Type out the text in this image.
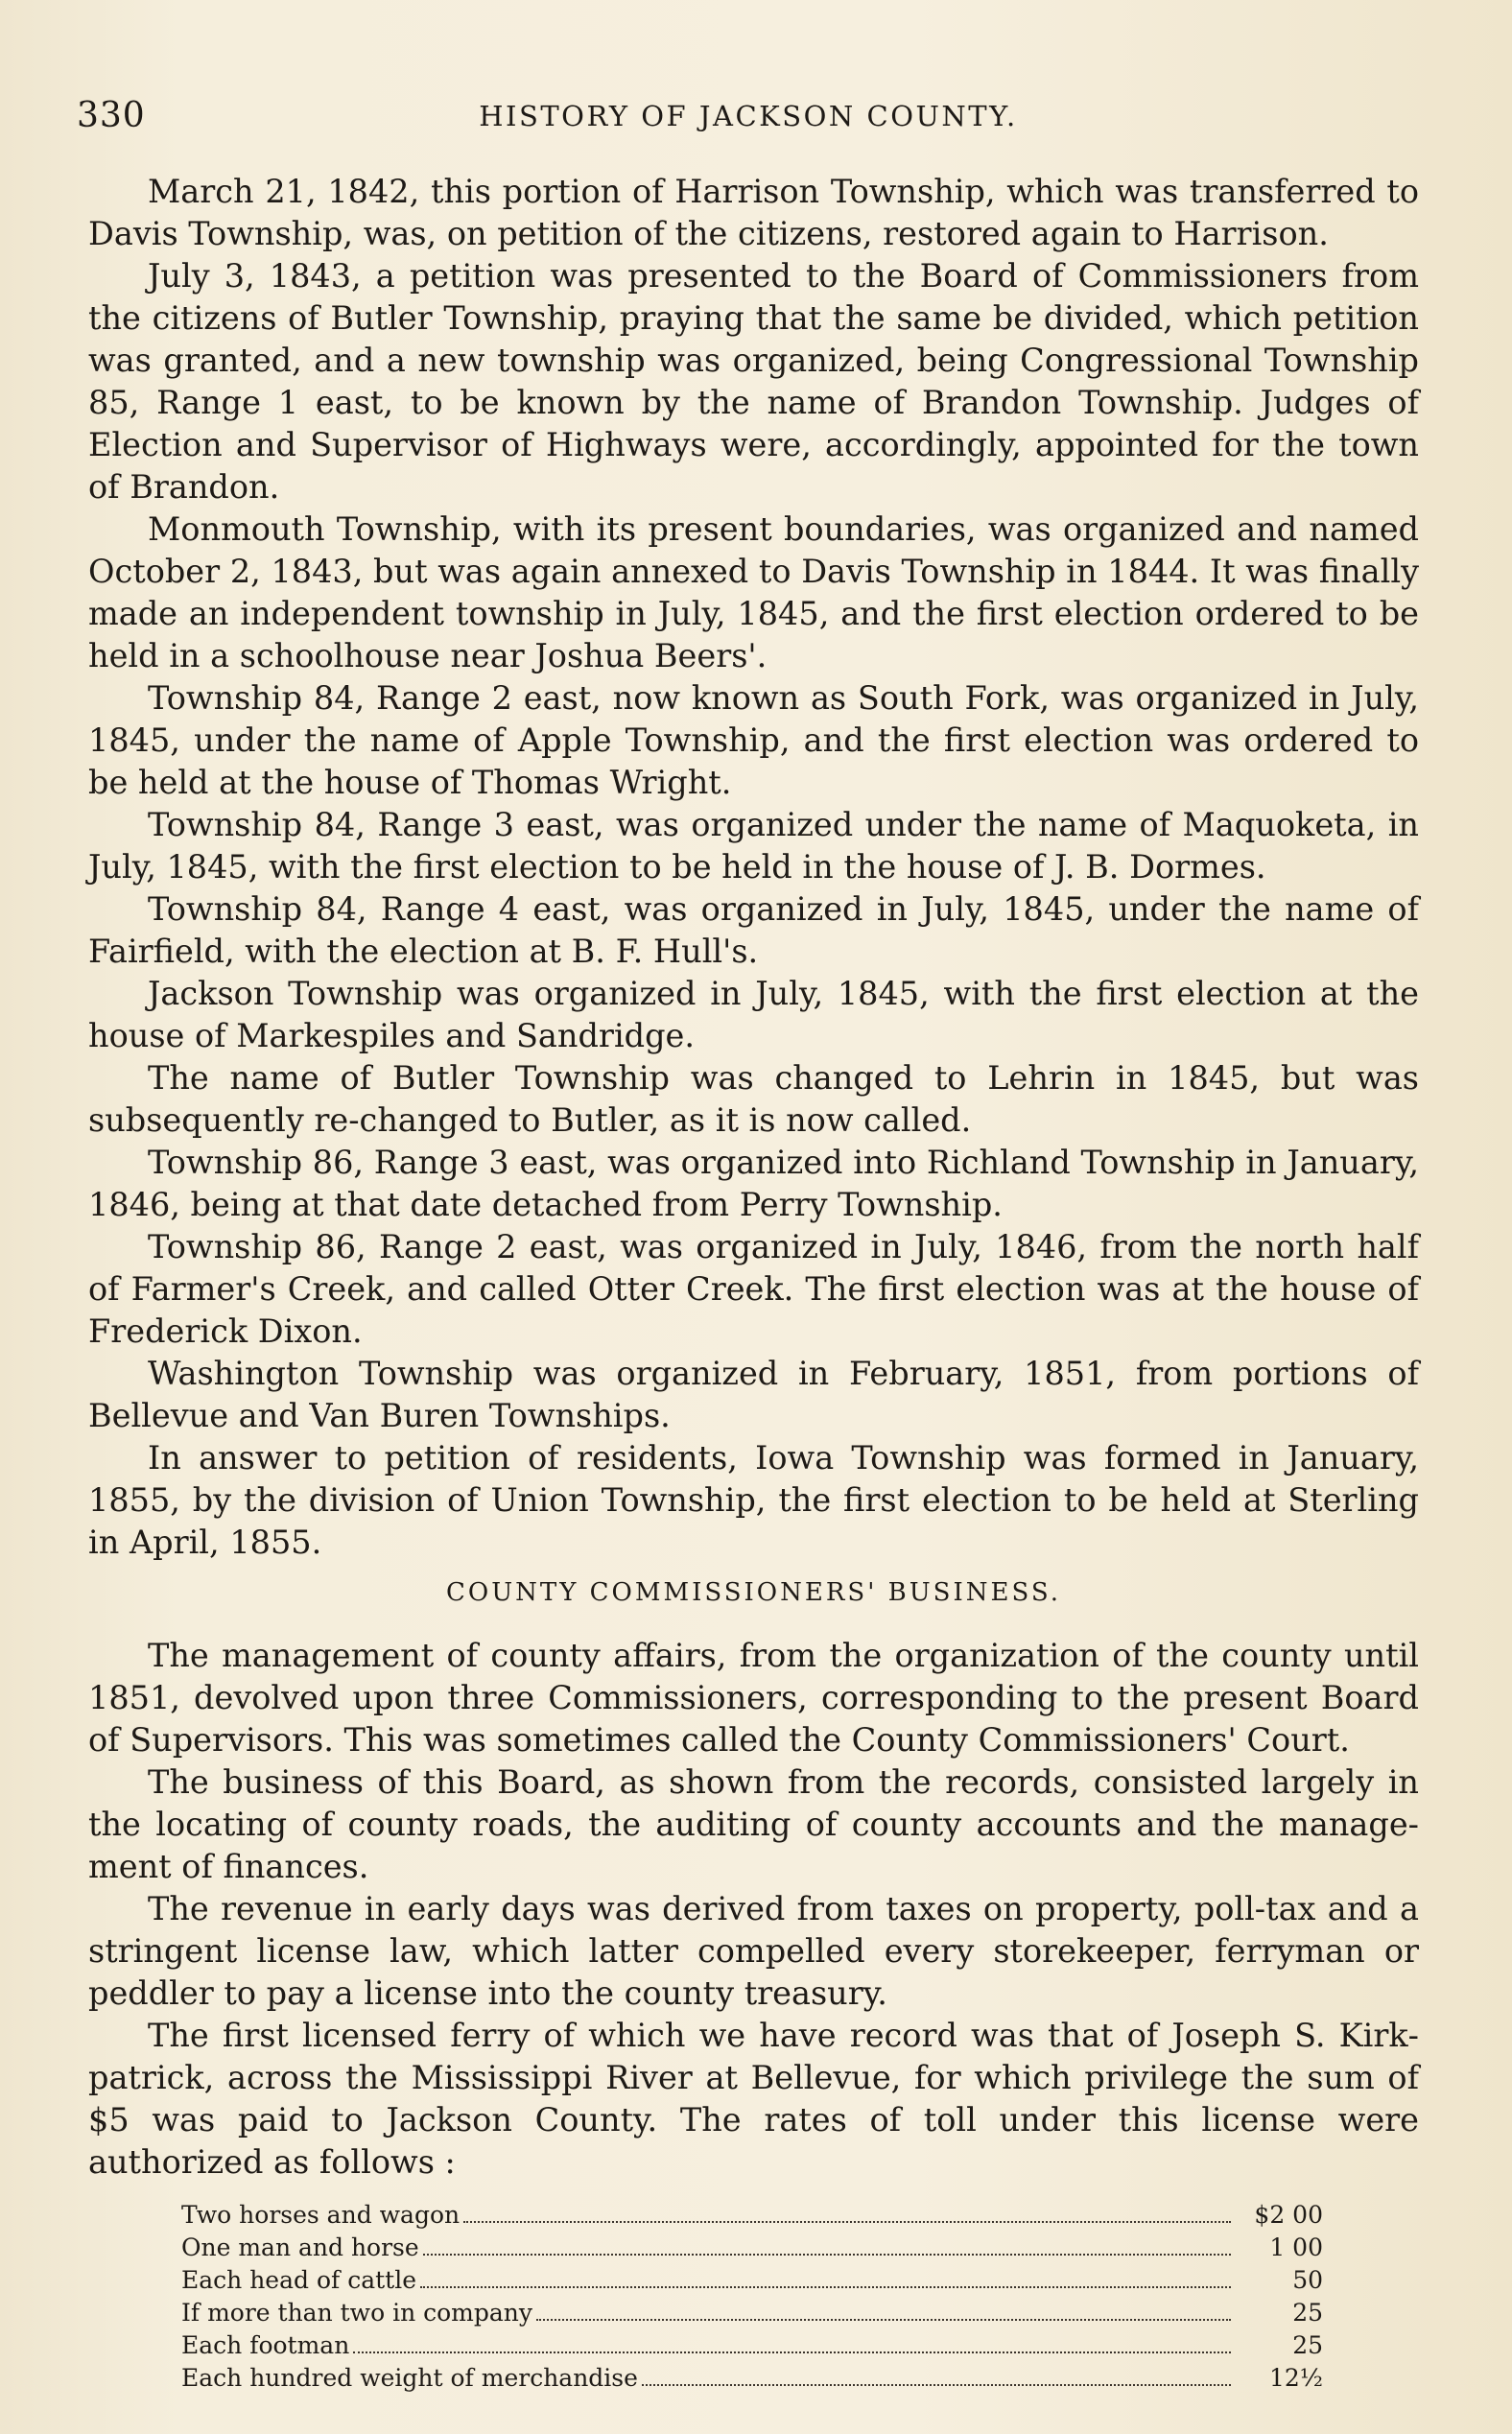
330	HISTORY OF JACKSON COUNTY.

March 21, 1842, this portion of Harrison Township, which was transferred to Davis Township, was, on petition of the citizens, restored again to Harrison.

July 3, 1843, a petition was presented to the Board of Commissioners from the citizens of Butler Township, praying that the same be divided, which petition was granted, and a new township was organized, being Congressional Township 85, Range 1 east, to be known by the name of Brandon Township. Judges of Election and Supervisor of Highways were, accordingly, appointed for the town of Brandon.

Monmouth Township, with its present boundaries, was organized and named October 2, 1843, but was again annexed to Davis Township in 1844. It was finally made an independent township in July, 1845, and the first election ordered to be held in a schoolhouse near Joshua Beers'.

Township 84, Range 2 east, now known as South Fork, was organized in July, 1845, under the name of Apple Township, and the first election was ordered to be held at the house of Thomas Wright.

Township 84, Range 3 east, was organized under the name of Maquoketa, in July, 1845, with the first election to be held in the house of J. B. Dormes.

Township 84, Range 4 east, was organized in July, 1845, under the name of Fairfield, with the election at B. F. Hull's.

Jackson Township was organized in July, 1845, with the first election at the house of Markespiles and Sandridge.

The name of Butler Township was changed to Lehrin in 1845, but was subsequently re-changed to Butler, as it is now called.

Township 86, Range 3 east, was organized into Richland Township in January, 1846, being at that date detached from Perry Township.

Township 86, Range 2 east, was organized in July, 1846, from the north half of Farmer's Creek, and called Otter Creek. The first election was at the house of Frederick Dixon.

Washington Township was organized in February, 1851, from portions of Bellevue and Van Buren Townships.

In answer to petition of residents, Iowa Township was formed in January, 1855, by the division of Union Township, the first election to be held at Sterling in April, 1855.

COUNTY COMMISSIONERS' BUSINESS.

The management of county affairs, from the organization of the county until 1851, devolved upon three Commissioners, corresponding to the present Board of Supervisors. This was sometimes called the County Commissioners' Court.

The business of this Board, as shown from the records, consisted largely in the locating of county roads, the auditing of county accounts and the management of finances.

The revenue in early days was derived from taxes on property, poll-tax and a stringent license law, which latter compelled every storekeeper, ferryman or peddler to pay a license into the county treasury.

The first licensed ferry of which we have record was that of Joseph S. Kirkpatrick, across the Mississippi River at Bellevue, for which privilege the sum of $5 was paid to Jackson County. The rates of toll under this license were authorized as follows :

Two horses and wagon	$2 00
One man and horse	1 00
Each head of cattle	50
If more than two in company	25
Each footman	25
Each hundred weight of merchandise	12½
